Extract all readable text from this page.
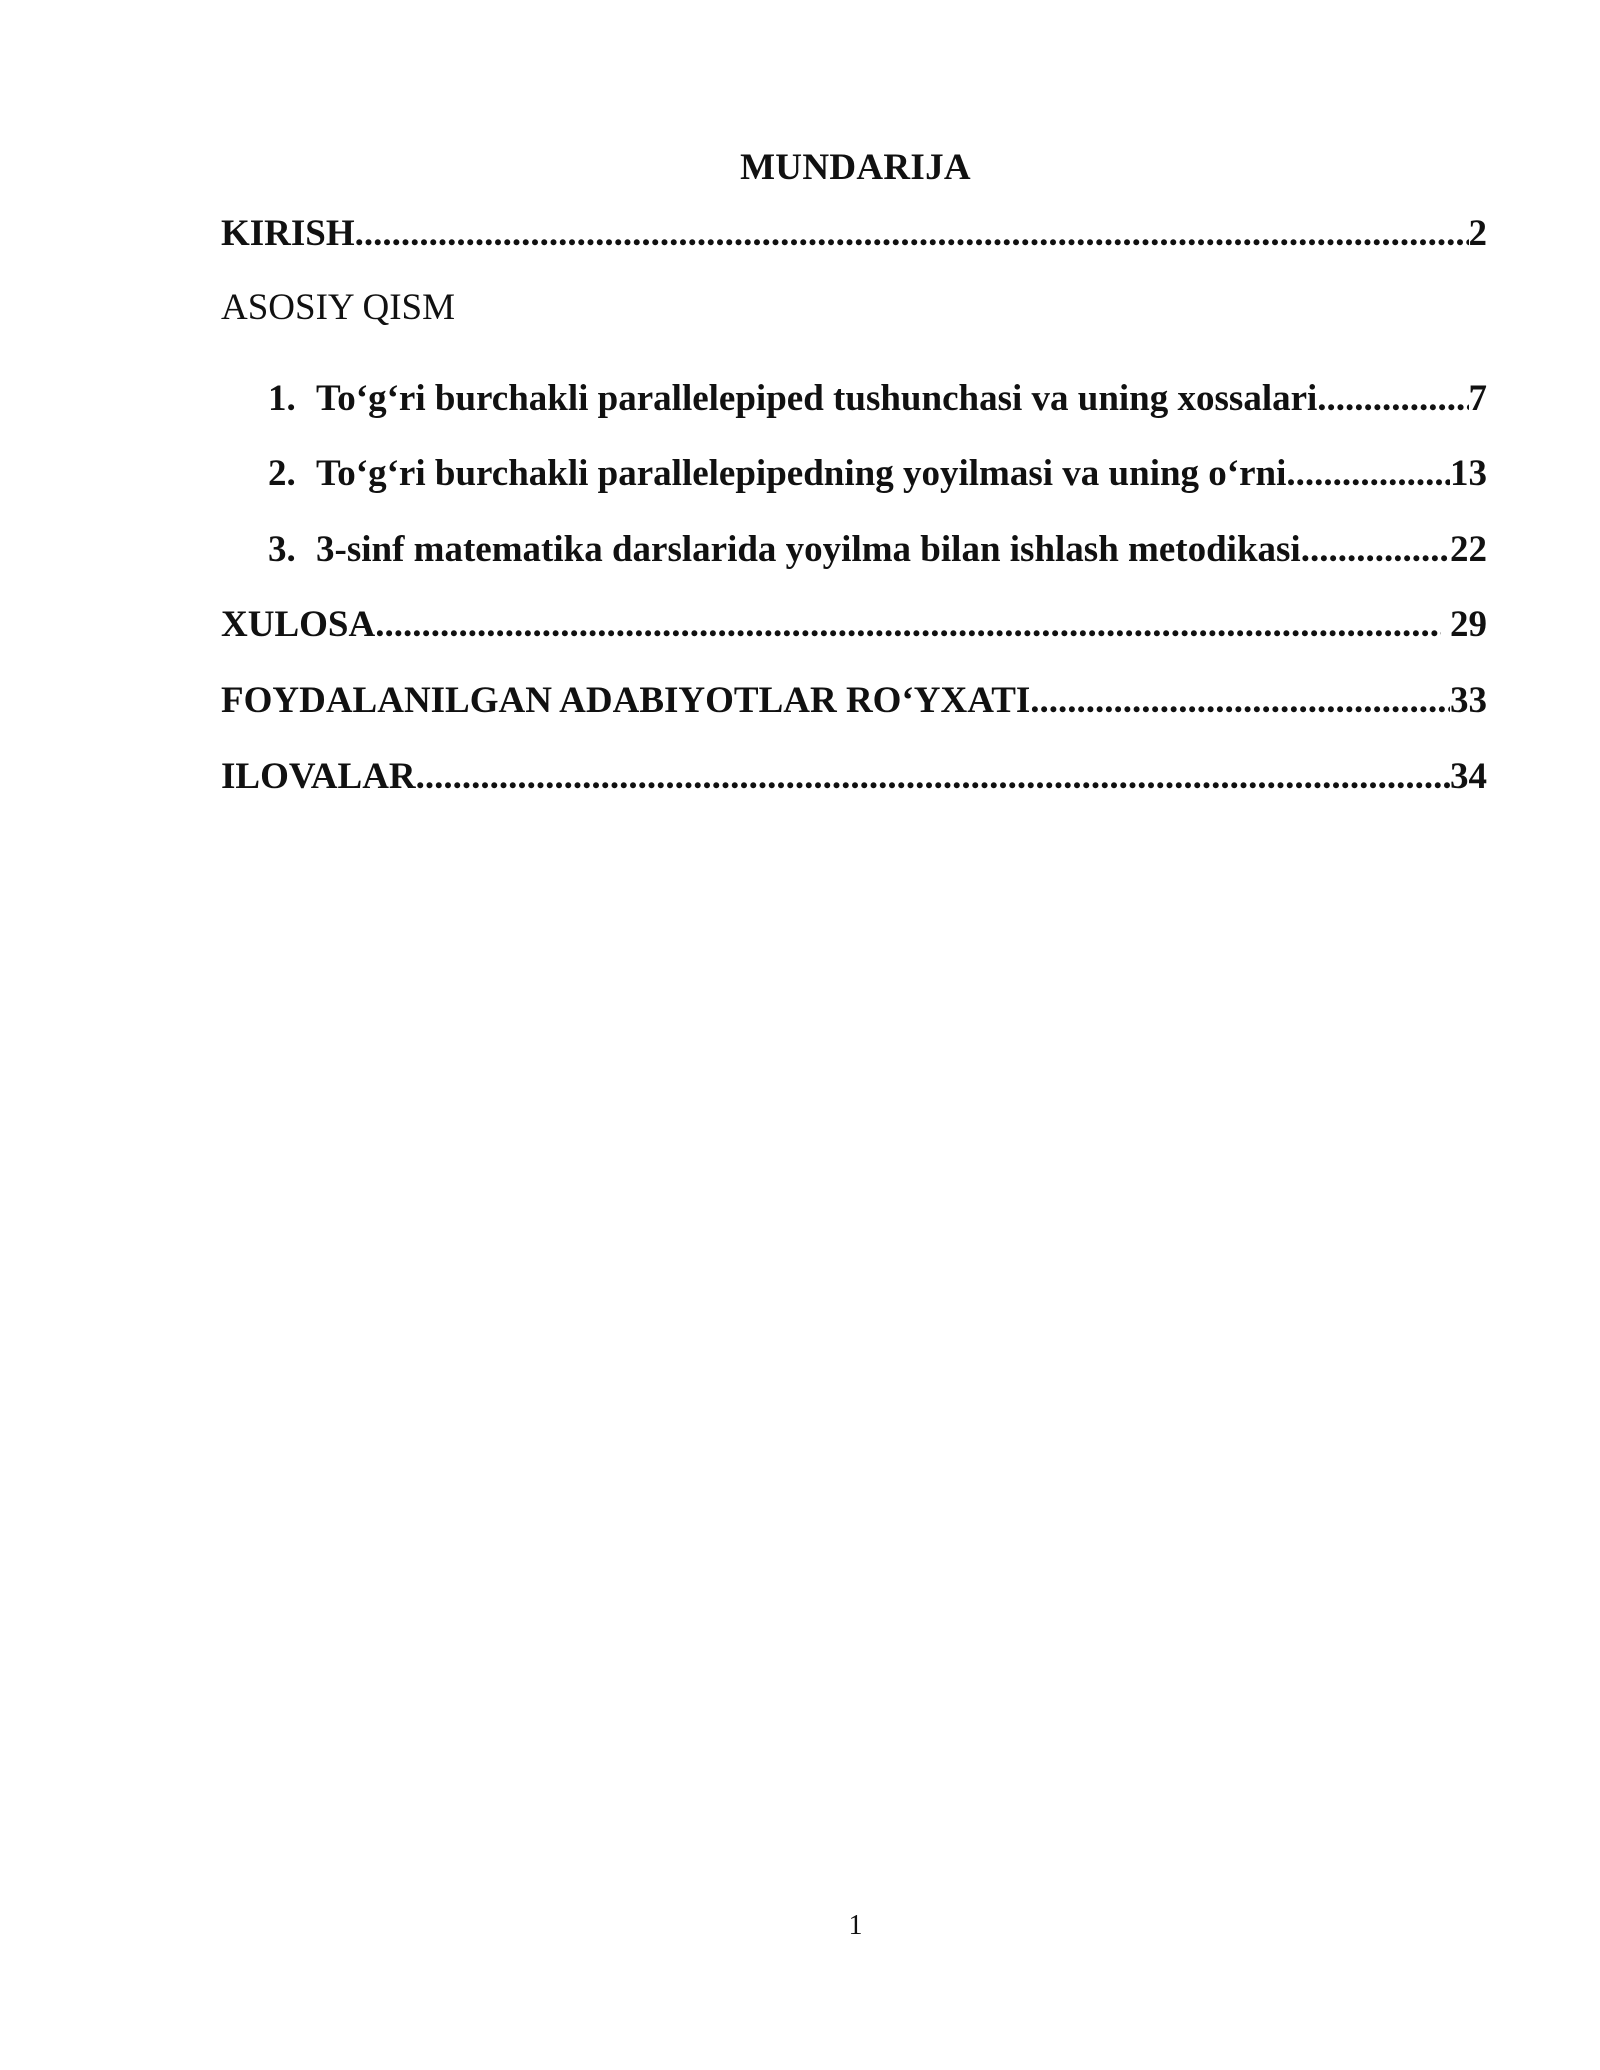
MUNDARIJA
KIRISH .....	2
ASOSIY QISM
1. To‘g‘ri burchakli parallelepiped tushunchasi va uning xossalari .....	7
2. To‘g‘ri burchakli parallelepipedning yoyilmasi va uning o‘rni .....	13
3. 3-sinf matematika darslarida yoyilma bilan ishlash metodikasi .....	22
XULOSA .....	29
FOYDALANILGAN ADABIYOTLAR RO‘YXATI .....	33
ILOVALAR .....	34
1
